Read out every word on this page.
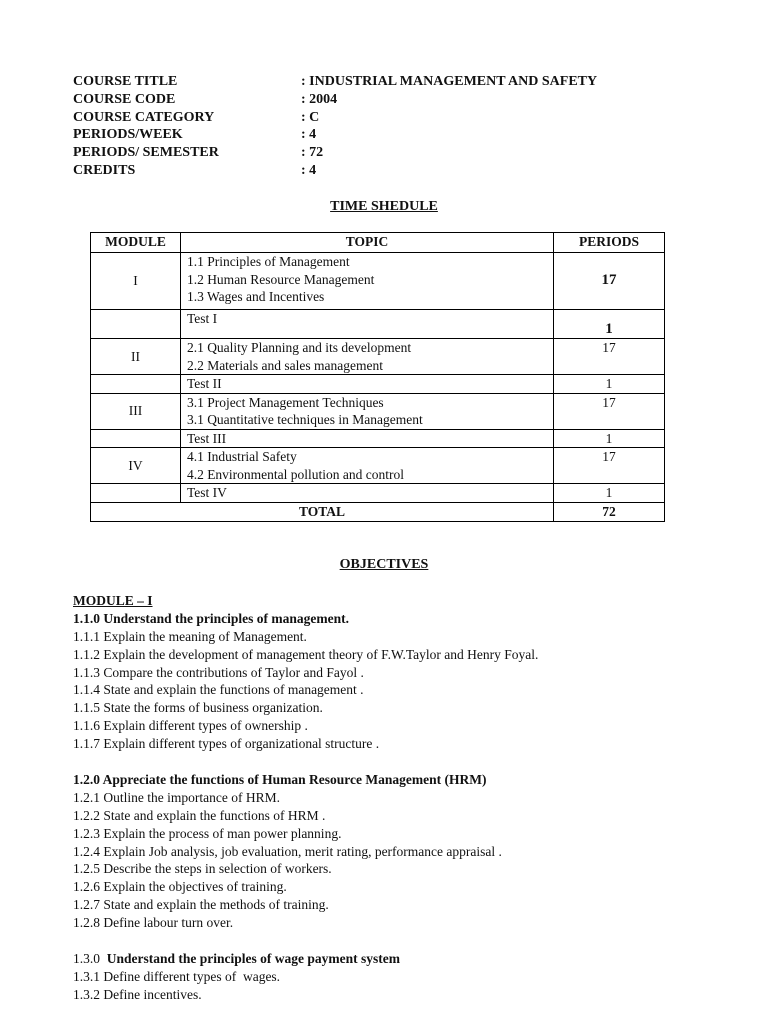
COURSE TITLE	: INDUSTRIAL MANAGEMENT AND SAFETY
COURSE CODE	: 2004
COURSE CATEGORY	: C
PERIODS/WEEK	: 4
PERIODS/ SEMESTER	: 72
CREDITS	: 4
TIME SHEDULE
MODULE	TOPIC	PERIODS
I	1.1 Principles of Management
1.2 Human Resource Management
1.3 Wages and Incentives	17

	Test I	1
II	2.1 Quality Planning and its development
2.2 Materials and sales management	17

	Test II	1
III	3.1 Project Management Techniques
3.1 Quantitative techniques in Management	17

	Test III	1
IV	4.1 Industrial Safety
4.2 Environmental pollution and control	17

	Test IV	1
TOTAL		72
OBJECTIVES
MODULE – I
1.1.0 Understand the principles of management.
1.1.1 Explain the meaning of Management.
1.1.2 Explain the development of management theory of F.W.Taylor and Henry Foyal.
1.1.3 Compare the contributions of Taylor and Fayol .
1.1.4 State and explain the functions of management .
1.1.5 State the forms of business organization.
1.1.6 Explain different types of ownership .
1.1.7 Explain different types of organizational structure .
1.2.0 Appreciate the functions of Human Resource Management (HRM)
1.2.1 Outline the importance of HRM.
1.2.2 State and explain the functions of HRM .
1.2.3 Explain the process of man power planning.
1.2.4 Explain Job analysis, job evaluation, merit rating, performance appraisal .
1.2.5 Describe the steps in selection of workers.
1.2.6 Explain the objectives of training.
1.2.7 State and explain the methods of training.
1.2.8 Define labour turn over.
1.3.0 Understand the principles of wage payment system
1.3.1 Define different types of  wages.
1.3.2 Define incentives.
